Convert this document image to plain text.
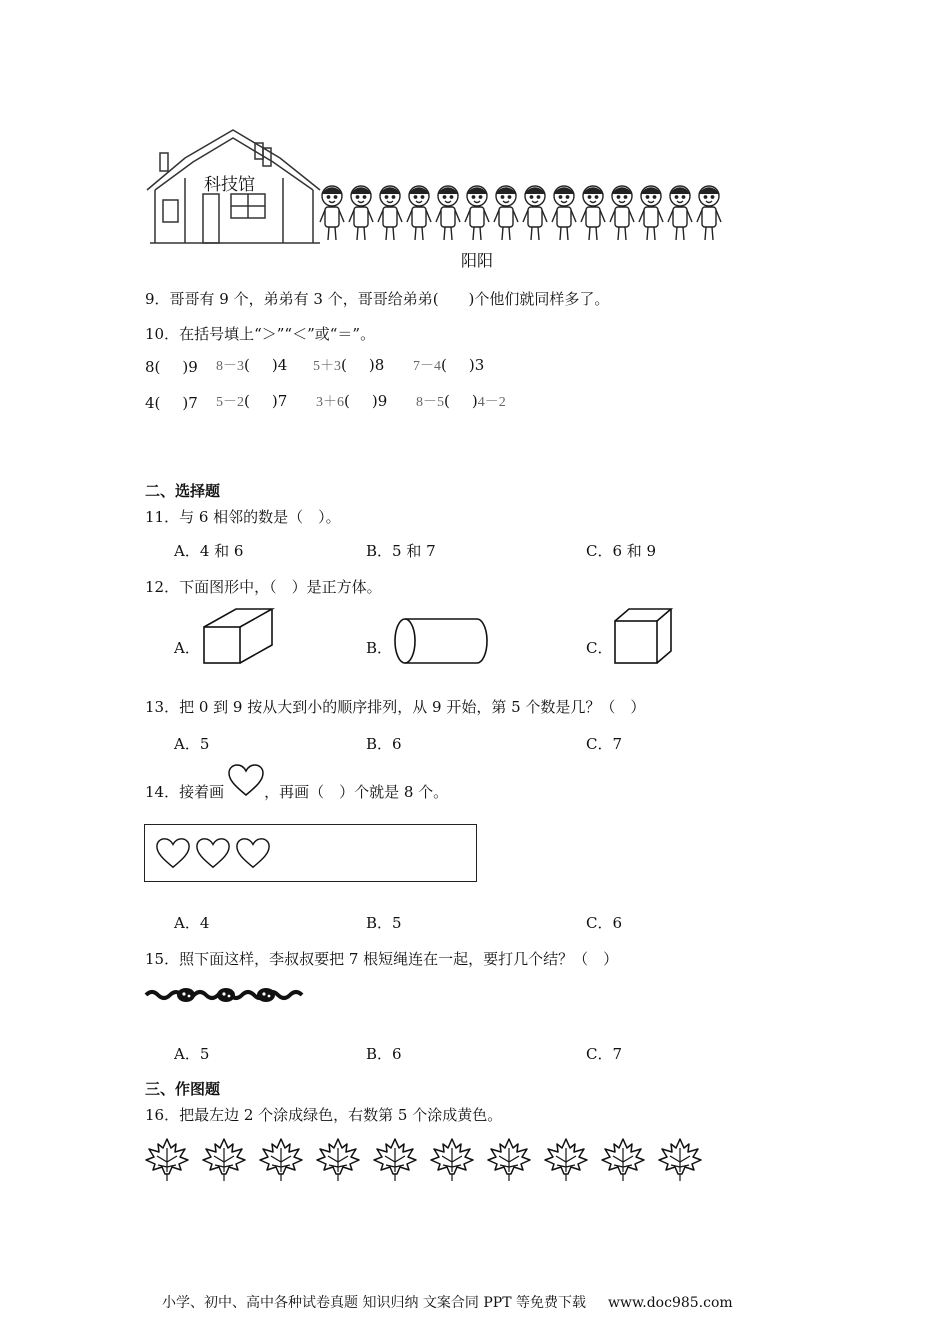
科技馆
阳阳
9．哥哥有 9 个，弟弟有 3 个，哥哥给弟弟(　　)个他们就同样多了。
10．在括号填上“＞”“＜”或“＝”。
8( )9 8－3( )4 5＋3( )8 7－4( )3
4( )7 5－2( )7 3＋6( )9 8－5( )4－2
二、选择题
11．与 6 相邻的数是（　）。
A．4 和 6	B．5 和 7	C．6 和 9
12．下面图形中，（　）是正方体。
A．	B．	C．
13．把 0 到 9 按从大到小的顺序排列，从 9 开始，第 5 个数是几？（　）
A．5	B．6	C．7
14．接着画	，再画（　）个就是 8 个。
A．4	B．5	C．6
15．照下面这样，李叔叔要把 7 根短绳连在一起，要打几个结？（　）
A．5	B．6	C．7
三、作图题
16．把最左边 2 个涂成绿色，右数第 5 个涂成黄色。
小学、初中、高中各种试卷真题 知识归纳 文案合同 PPT 等免费下载 www.doc985.com
